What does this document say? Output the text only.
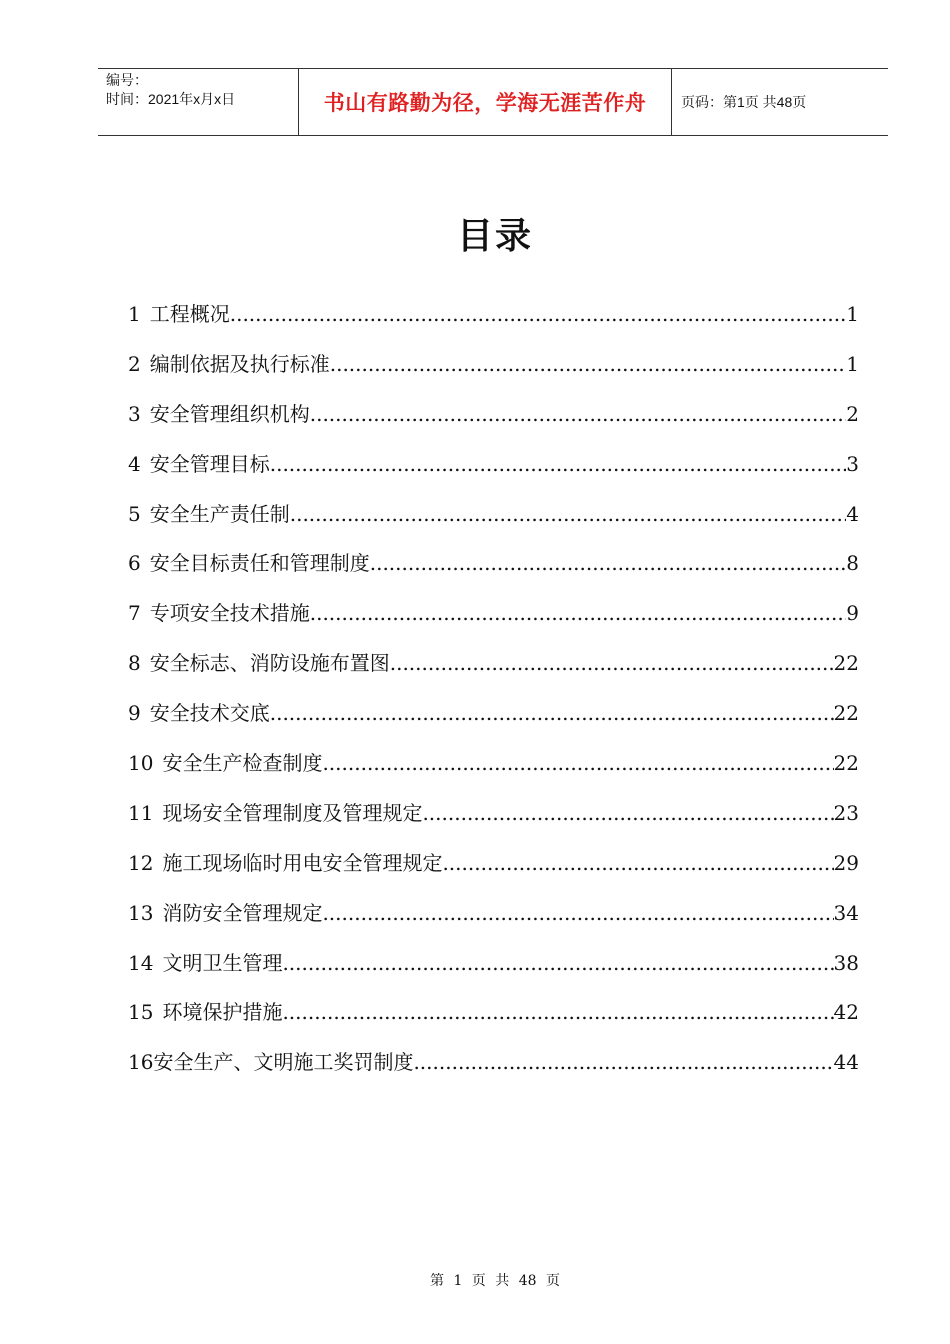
编号：
时间：2021年x月x日	书山有路勤为径，学海无涯苦作舟	页码：第1页 共48页
目录
1 工程概况 .....	1
2 编制依据及执行标准 .....	1
3 安全管理组织机构 .....	2
4 安全管理目标 .....	3
5 安全生产责任制 .....	4
6 安全目标责任和管理制度 .....	8
7 专项安全技术措施 .....	9
8 安全标志、消防设施布置图 .....	22
9 安全技术交底 .....	22
10 安全生产检查制度 .....	22
11 现场安全管理制度及管理规定 .....	23
12 施工现场临时用电安全管理规定 .....	29
13 消防安全管理规定 .....	34
14 文明卫生管理 .....	38
15 环境保护措施 .....	42
16 安全生产、文明施工奖罚制度 .....	44
第 1 页 共 48 页
